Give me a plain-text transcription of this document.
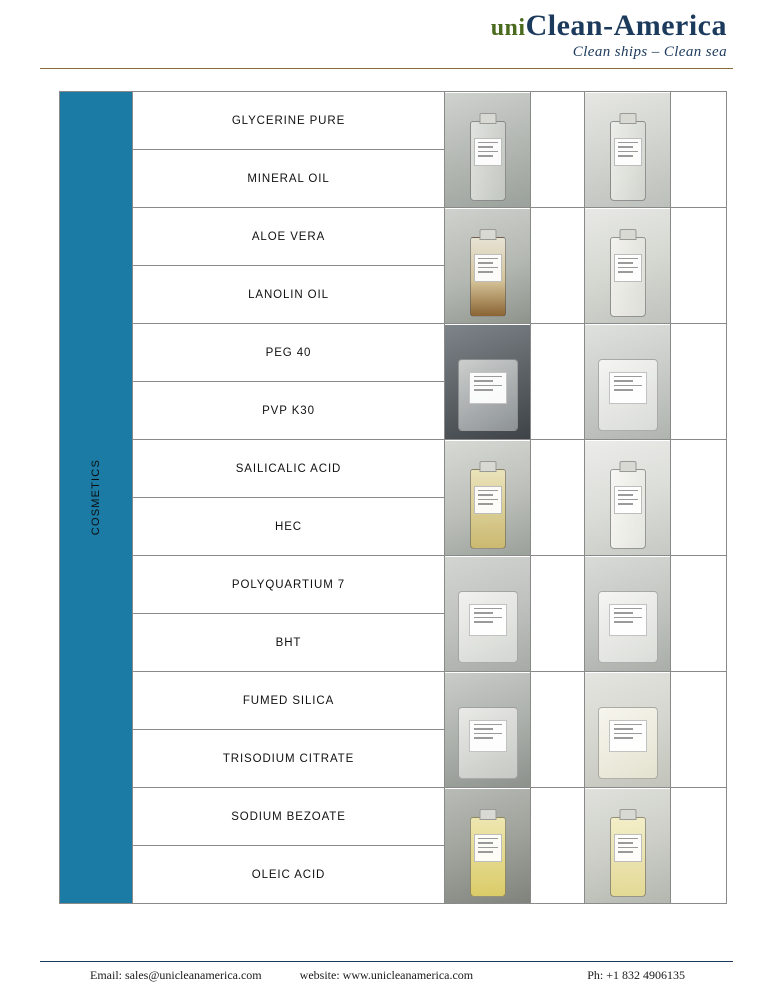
uniClean-America
Clean ships – Clean sea
COSMETICS	GLYCERINE PURE	

	MINERAL OIL				
	ALOE VERA	

	LANOLIN OIL				
	PEG 40	

	PVP K30				
	SAILICALIC ACID	

	HEC				
	POLYQUARTIUM 7	

	BHT				
	FUMED SILICA	

	TRISODIUM CITRATE				
	SODIUM BEZOATE	

	OLEIC ACID				
Email: sales@unicleanamerica.com	website: www.unicleanamerica.com	Ph: +1 832 4906135
